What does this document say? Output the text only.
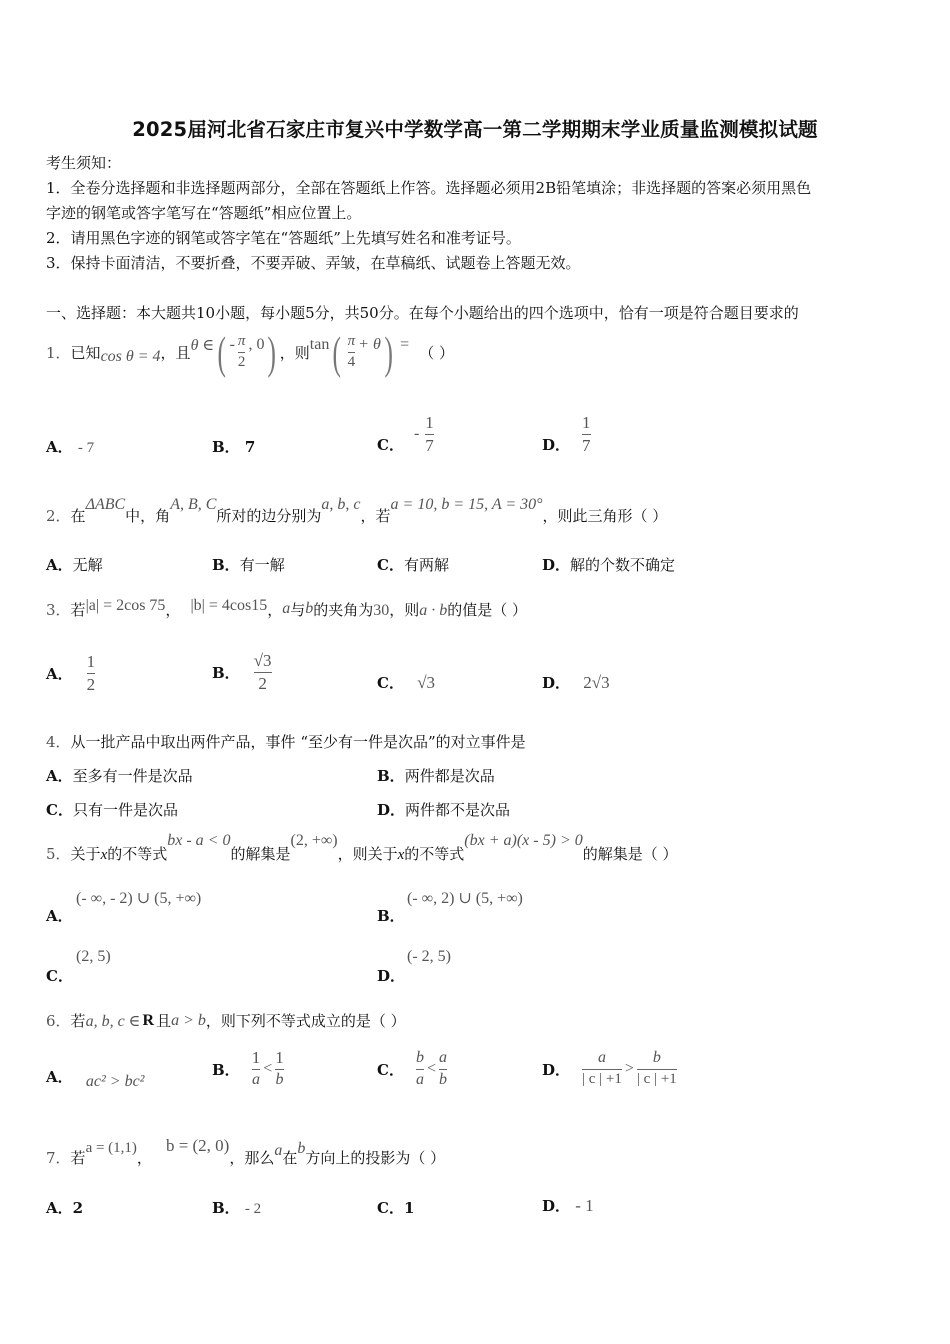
2025届河北省石家庄市复兴中学数学高一第二学期期末学业质量监测模拟试题
考生须知：
1．全卷分选择题和非选择题两部分，全部在答题纸上作答。选择题必须用2B铅笔填涂；非选择题的答案必须用黑色
字迹的钢笔或答字笔写在“答题纸”相应位置上。
2．请用黑色字迹的钢笔或答字笔在“答题纸”上先填写姓名和准考证号。
3．保持卡面清洁，不要折叠，不要弄破、弄皱，在草稿纸、试题卷上答题无效。
一、选择题：本大题共10小题，每小题5分，共50分。在每个小题给出的四个选项中，恰有一项是符合题目要求的
1． 已知 cos θ = 4 ，且 θ ∈ ( - $\frac{\pi}{2}$ , 0 ) ，则 tan ( $\frac{\pi}{4} + \theta$ ) = （ ）
A． - 7	B． 7	C．
- $\frac{1}{7}$	D． $\frac{1}{7}$
2． 在
ΔABC
中，角
A, B, C
所对的边分别为
a, b, c
，若
a = 10, b = 15, A = 30°
，则此三角形（ ）
A．无解	B．有一解	C．有两解	D．解的个数不确定
3． 若 |a| = 2cos 75 ， |b| = 4cos15 ， a 与 b 的夹角为 30 ，则 a · b 的值是（ ）
A． $\frac{1}{2}$	B． $\frac{√3}{2}$	C． √3	D． 2√3
4．从一批产品中取出两件产品，事件 “至少有一件是次品”的对立事件是
A．至多有一件是次品	B．两件都是次品
C．只有一件是次品	D．两件都不是次品
5． 关于 x 的不等式
bx - a < 0
的解集是
(2, +∞)
，则关于 x 的不等式
(bx + a)(x - 5) > 0
的解集是（ ）
A．
(- ∞, - 2) ∪ (5, +∞)
B．
(- ∞, 2) ∪ (5, +∞)
C．
(2, 5)
D．
(- 2, 5)
6． 若 a, b, c ∈ R 且 a > b ，则下列不等式成立的是（ ）
A． ac² > bc²
B． $\frac{1}{a} < \frac{1}{b}$	C． $\frac{b}{a} < \frac{a}{b}$	D． $\frac{a}{| c | +1} > \frac{b}{| c | +1}$
7． 若
a = (1,1)
，
b = (2, 0)
，那么 a 在
b
方向上的投影为（ ）
A．2	B． - 2	C．1	D． - 1
